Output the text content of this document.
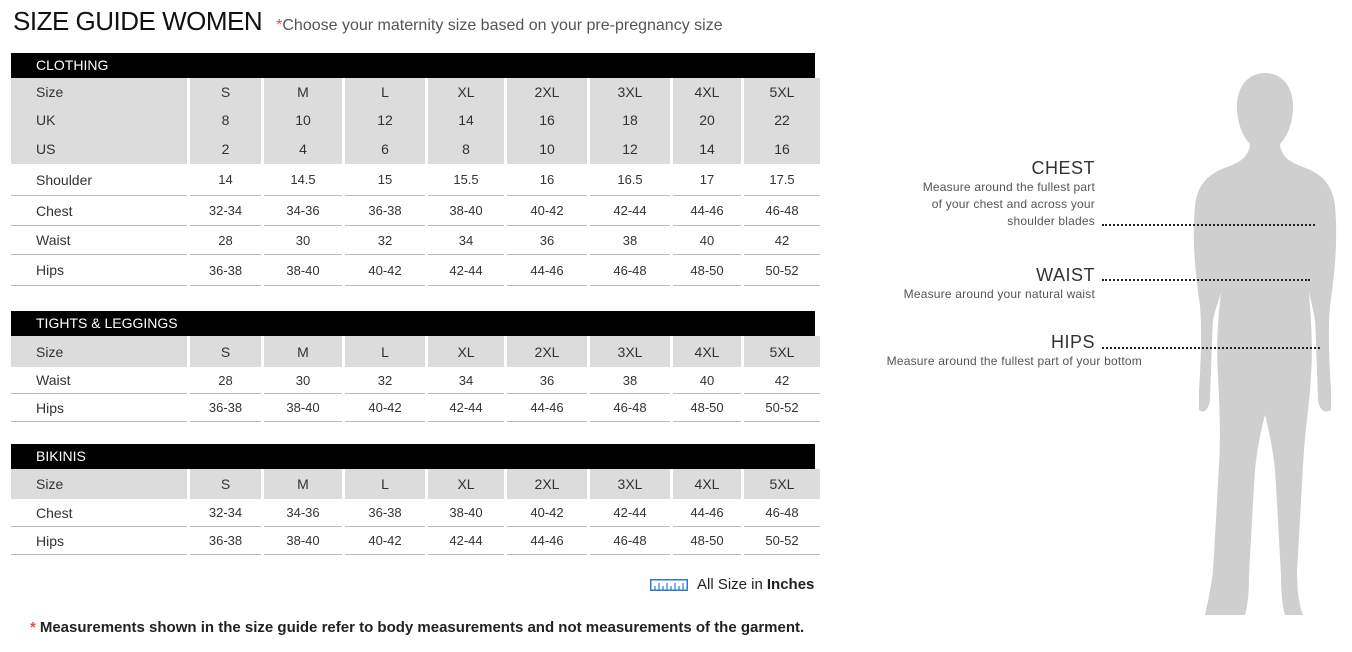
SIZE GUIDE WOMEN *Choose your maternity size based on your pre-pregnancy size
CLOTHING
Size	S	M	L	XL	2XL	3XL	4XL	5XL
UK	8	10	12	14	16	18	20	22
US	2	4	6	8	10	12	14	16
Shoulder	14	14.5	15	15.5	16	16.5	17	17.5
Chest	32-34	34-36	36-38	38-40	40-42	42-44	44-46	46-48
Waist	28	30	32	34	36	38	40	42
Hips	36-38	38-40	40-42	42-44	44-46	46-48	48-50	50-52
TIGHTS & LEGGINGS
Size	S	M	L	XL	2XL	3XL	4XL	5XL
Waist	28	30	32	34	36	38	40	42
Hips	36-38	38-40	40-42	42-44	44-46	46-48	48-50	50-52
BIKINIS
Size	S	M	L	XL	2XL	3XL	4XL	5XL
Chest	32-34	34-36	36-38	38-40	40-42	42-44	44-46	46-48
Hips	36-38	38-40	40-42	42-44	44-46	46-48	48-50	50-52
All Size in Inches
* Measurements shown in the size guide refer to body measurements and not measurements of the garment.
CHEST
Measure around the fullest part
of your chest and across your
shoulder blades
WAIST
Measure around your natural waist
HIPS
Measure around the fullest part of your bottom
